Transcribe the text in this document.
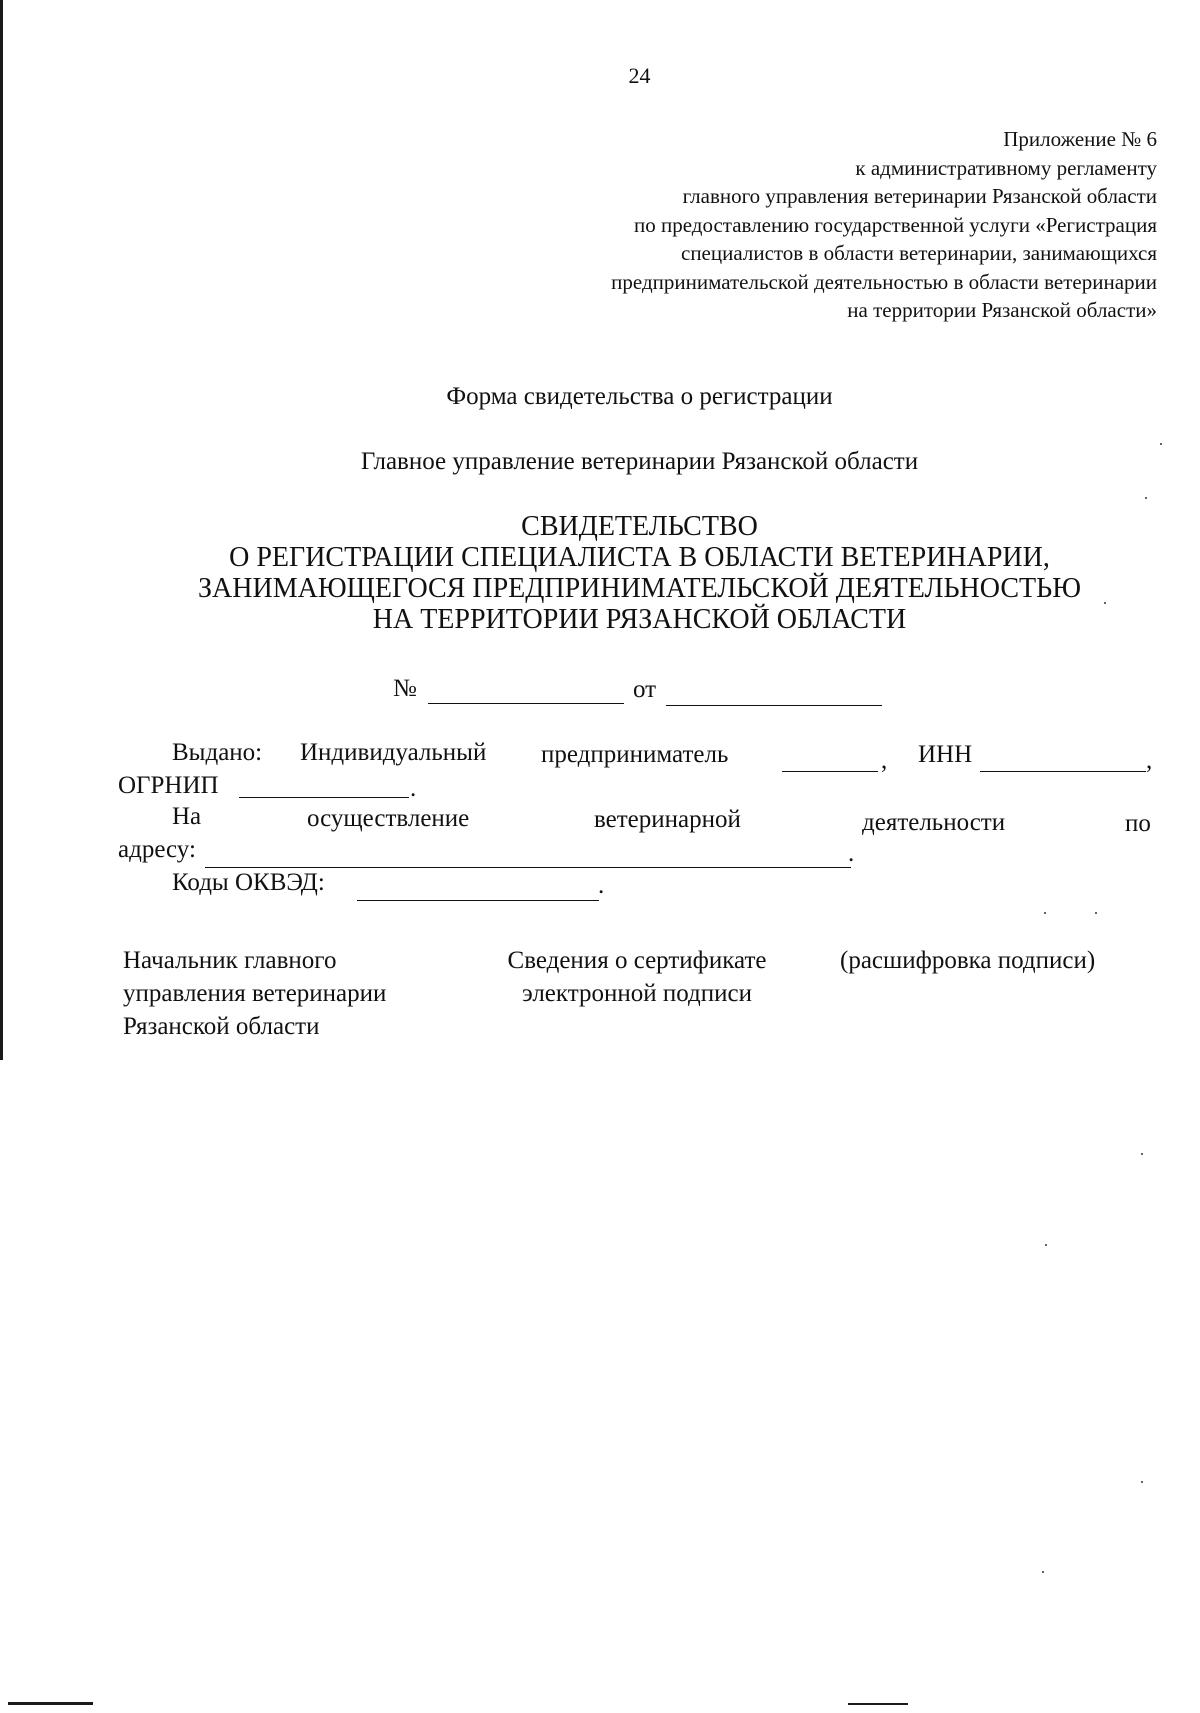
24
Приложение № 6
к административному регламенту
главного управления ветеринарии Рязанской области
по предоставлению государственной услуги «Регистрация
специалистов в области ветеринарии, занимающихся
предпринимательской деятельностью в области ветеринарии
на территории Рязанской области»
Форма свидетельства о регистрации
Главное управление ветеринарии Рязанской области
СВИДЕТЕЛЬСТВО
О РЕГИСТРАЦИИ СПЕЦИАЛИСТА В ОБЛАСТИ ВЕТЕРИНАРИИ,
ЗАНИМАЮЩЕГОСЯ ПРЕДПРИНИМАТЕЛЬСКОЙ ДЕЯТЕЛЬНОСТЬЮ
НА ТЕРРИТОРИИ РЯЗАНСКОЙ ОБЛАСТИ
№	от
Выдано: Индивидуальный предприниматель	, ИНН	,
ОГРНИП	.
На	осуществление	ветеринарной	деятельности	по
адресу:	.
Коды ОКВЭД:	.
Начальник главного
управления ветеринарии
Рязанской области
Сведения о сертификате
электронной подписи
(расшифровка подписи)
